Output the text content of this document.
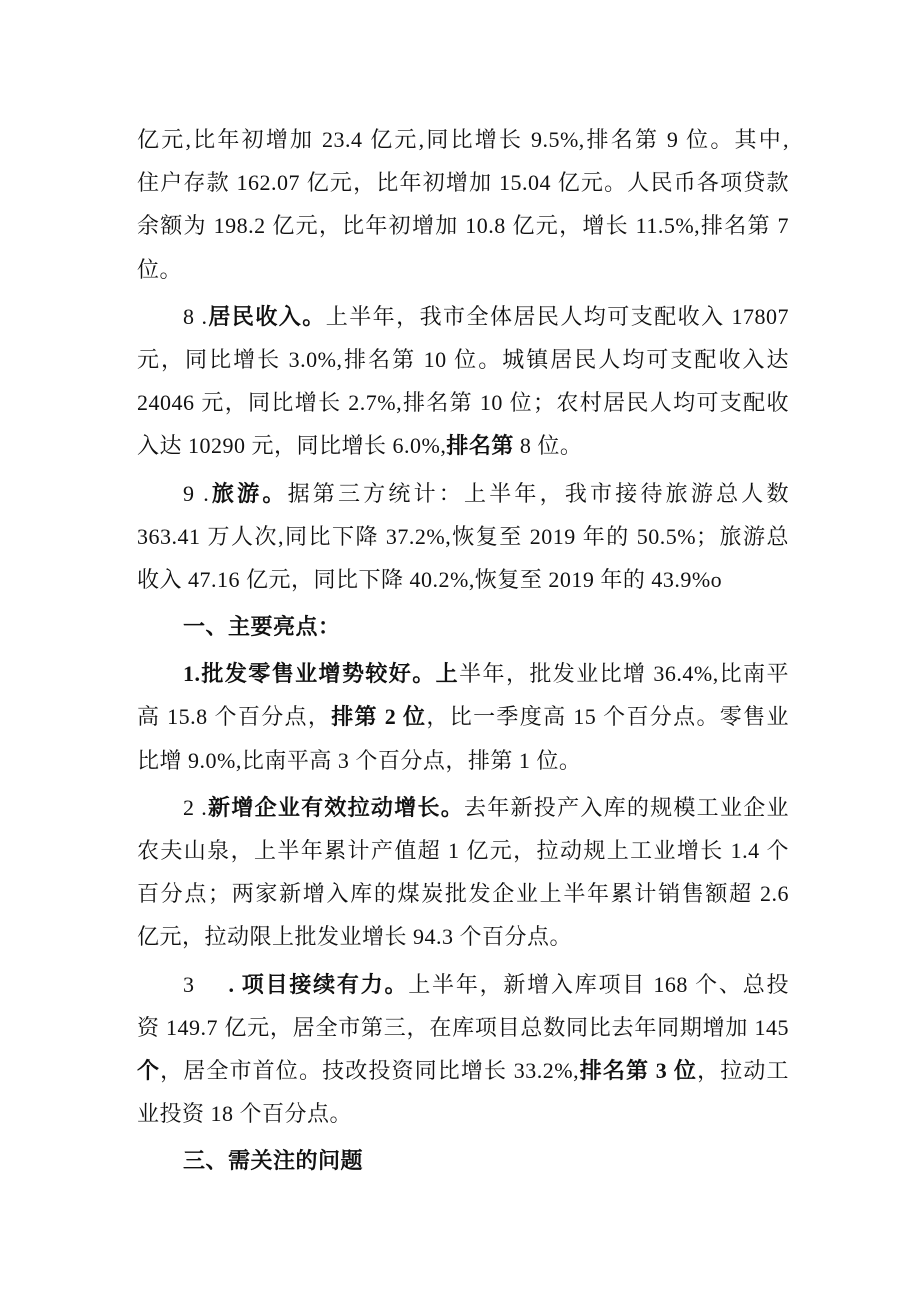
亿元,比年初增加 23.4 亿元,同比增长 9.5%,排名第 9 位。其中,
住户存款 162.07 亿元，比年初增加 15.04 亿元。人民币各项贷款
余额为 198.2 亿元，比年初增加 10.8 亿元，增长 11.5%,排名第 7
位。
8 .居民收入。上半年，我市全体居民人均可支配收入 17807
元，同比增长 3.0%,排名第 10 位。城镇居民人均可支配收入达
24046 元，同比增长 2.7%,排名第 10 位；农村居民人均可支配收
入达 10290 元，同比增长 6.0%,排名第 8 位。
9 .旅游。据第三方统计：上半年，我市接待旅游总人数
363.41 万人次,同比下降 37.2%,恢复至 2019 年的 50.5%；旅游总
收入 47.16 亿元，同比下降 40.2%,恢复至 2019 年的 43.9%o
一、主要亮点：
1.批发零售业增势较好。上半年，批发业比增 36.4%,比南平
高 15.8 个百分点，排第 2 位，比一季度高 15 个百分点。零售业
比增 9.0%,比南平高 3 个百分点，排第 1 位。
2 .新增企业有效拉动增长。去年新投产入库的规模工业企业
农夫山泉，上半年累计产值超 1 亿元，拉动规上工业增长 1.4 个
百分点；两家新增入库的煤炭批发企业上半年累计销售额超 2.6
亿元，拉动限上批发业增长 94.3 个百分点。
3 . 项目接续有力。上半年，新增入库项目 168 个、总投
资 149.7 亿元，居全市第三，在库项目总数同比去年同期增加 145
个，居全市首位。技改投资同比增长 33.2%,排名第 3 位，拉动工
业投资 18 个百分点。
三、需关注的问题
